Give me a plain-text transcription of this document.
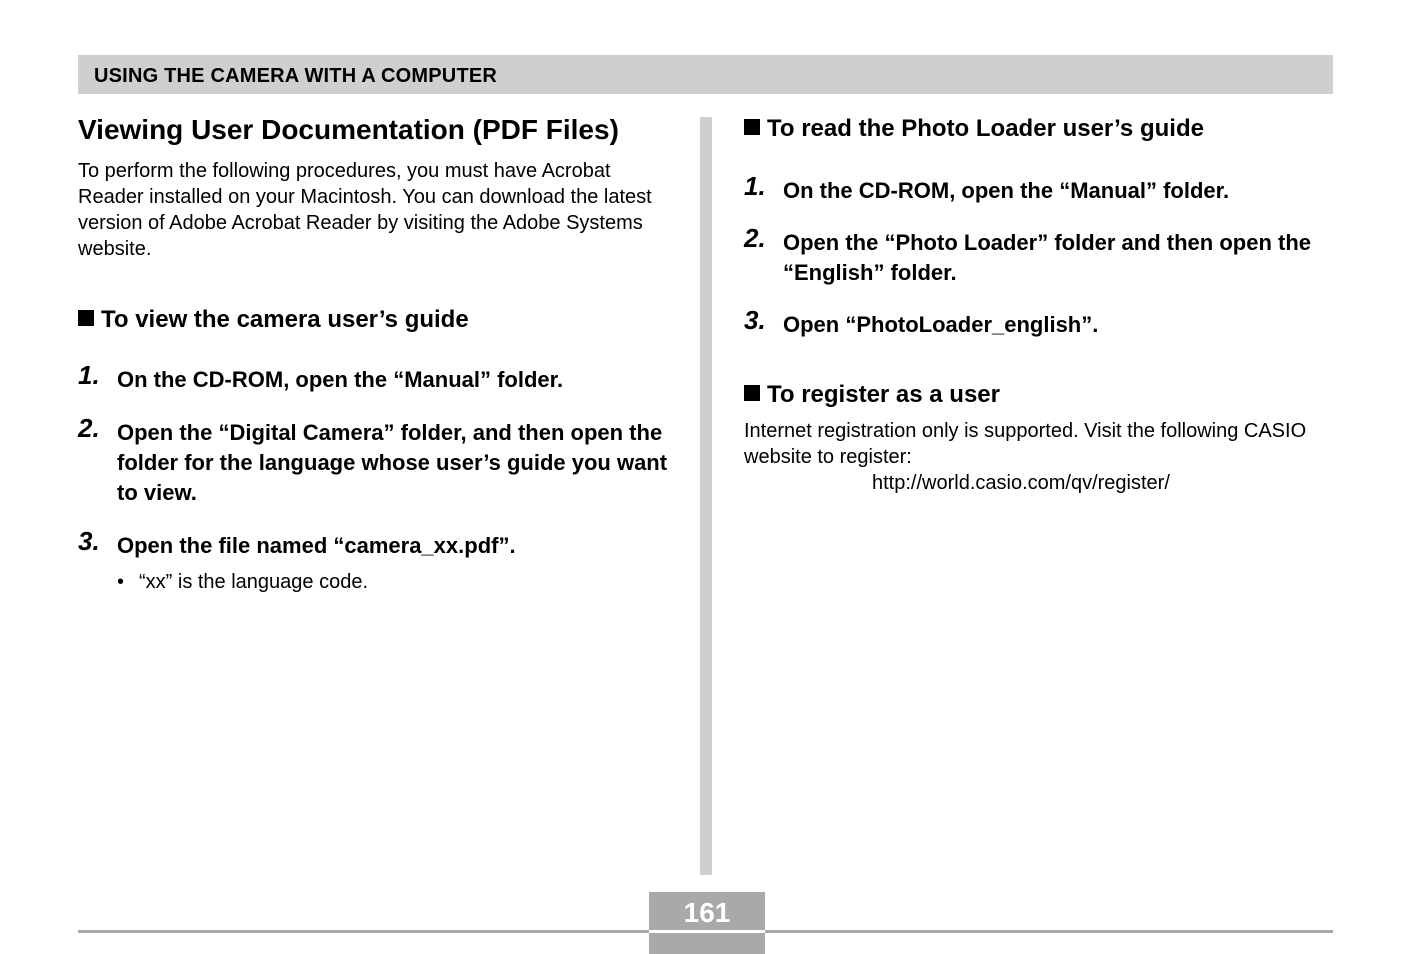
USING THE CAMERA WITH A COMPUTER
Viewing User Documentation (PDF Files)

To perform the following procedures, you must have Acrobat Reader installed on your Macintosh. You can download the latest version of Adobe Acrobat Reader by visiting the Adobe Systems website.

To view the camera user’s guide
1. On the CD-ROM, open the “Manual” folder.
2. Open the “Digital Camera” folder, and then open the folder for the language whose user’s guide you want to view.
3. Open the file named “camera_xx.pdf”.
• “xx” is the language code.
To read the Photo Loader user’s guide
1. On the CD-ROM, open the “Manual” folder.
2. Open the “Photo Loader” folder and then open the “English” folder.
3. Open “PhotoLoader_english”.
To register as a user

Internet registration only is supported. Visit the following CASIO website to register:

http://world.casio.com/qv/register/

161
